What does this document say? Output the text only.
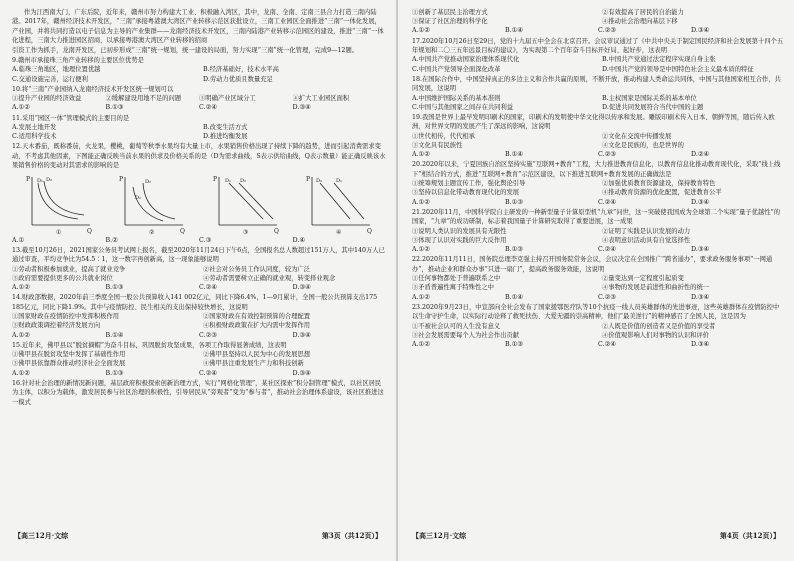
作为江西南大门，广东后院，近年来，赣州市努力构建大工业、积极融入湾区，其中，龙南、全南、定南三县合力打造三南内陆港。2017年，赣州经济技术开发区，“三南”承接粤港澳大湾区产业转移示范区获批设立，三南工业园区全面推进“三南”一体化发展，

产业园，并将共同打造以电子信息为主导的产业集群——龙南经济技术开发区，三南内陆港产业转移示范园区的建设，推进“三南”一体化进程，三南大力推进园区招商，以承接粤港澳大湾区产业转移的招商

引资工作为抓手，龙南开发区，已初步形成“三南”统一规划，统一建设的局面，努力实现“三南”统一化管理，完成9—12题。

9.赣州市承接珠三角产业转移的主要区位优势是

A.临珠三角地区，地理位置优越	B.经济基础好，技术水平高
C.交通设施完善，运行便利	D.劳动力优质且数量充足

10.将“三南”产业园纳入龙南经济技术开发区统一规划可以

①提升产业园的经济效益	②缓解建设用地不足的问题	③明确产业区域分工	④扩大工业园区面积
A.①②	B.①③	C.②④	D.③④

11.采用“园区一体”管理模式的主要目的是

A.发展土地开发	B.改变生活方式
C.适用科学技术	D.推进均衡发展

12.天木番茄，既称番茄，火龙果，樱桃，葡萄等秋季水果均有大量上市，水果销售价格出现了持续下降的趋势，进而引起消费需求变动，不考虑其他因素，下图能正确反映当前水果的供求及价格关系的是（D为需求曲线，S表示供给曲线，Q表示数量）能正确反映该水果销售价格的变动对其需求的影响的是

P
Q
D₁ D₂
①
P
Q
D₂
D₁
②
P
Q
D₁ D₂
③
P
Q
D₁
D₂
④
A.①	B.②	C.③	D.④

13.截至10月26日，2021国家公务员考试网上报名，截至2020年11月24日下午6点，全国报名总人数超过151万人，其中140万人已通过审查，平均竞争比为54.5∶1，这一数字再创新高，这一现象能够说明

①劳动者积极参加就业，提高了就业竞争	②社会对公务员工作认同度，较为广泛
③政府需要提供更多的公共就业岗位	④劳动者需要树立正确的就业观，转变择业观念
A.①②	B.①③	C.②④	D.③④

14.财政部数据，2020年前三季度全国一般公共预算收入141 002亿元，同比下降6.4%，1—9月累计，全国一般公共预算支出175 185亿元，同比下降1.9%。其中与疫情防控、民生相关的支出保持较快增长，这说明

①国家财政在疫情防控中发挥积极作用	②国家财政在有效控制预算的合理配置
③财政政策调控着经济发展方向	④积极财政政策在扩大内需中发挥作用
A.①②	B.①④	C.②③	D.③④

15.近年来，佛甲县以“脱贫摘帽”为奋斗目标，巩固脱贫攻坚成果，各项工作取得显著成绩，这表明

①佛甲县在脱贫攻坚中发挥了基础性作用	②佛甲县坚持以人民为中心的发展思想
③佛甲县依靠群众推动经济社会全面发展	④佛甲县注重发展生产力和科技创新
A.①②	B.①③	C.②④	D.③④

16.针对社会治理的新情况新问题，基层政府积极探索创新治理方式，实行“网格化管理”，某社区探索“积分制管理”模式，以社区居民为主体，以积分为载体，激发居民参与社区治理的积极性，引导居民从“旁观者”变为“参与者”，推动社会治理体系建设，该社区推进这一模式

【高三12月·文综	第3页（共12页）】
①创新了基层民主治理方式	②有效提高了居民的自治能力
③保证了社区治理的科学化	④推动社会治理向基层下移
A.①②	B.①④	C.②③	D.③④

17.2020年10月26日至29日，党的十九届五中全会在北京召开。会议审议通过了《中共中央关于制定国民经济和社会发展第十四个五年规划和二〇三五年远景目标的建议》，为实现第二个百年奋斗目标开好局、起好步，这表明

A.中国共产党推动国家治理体系现代化	B.中国共产党通过法定程序实现自身主张
C.中国共产党领导全面深化改革	D.中国共产党的领导是中国特色社会主义最本质的特征

18.在国际合作中，中国坚持真正的多边主义和合作共赢的原则，不断开放，推动构建人类命运共同体，中国与其他国家相互合作，共同发展，这说明

A.中国维护国际关系的基本准则	B.主权国家是国际关系的基本单位
C.中国与其他国家之间存在共同利益	D.促进共同发展符合当代中国的主题

19.我国是世界上最早发明印刷术的国家，印刷术的发明使中华文化得以传承和发展。雕版印刷术传入日本、朝鲜等国，随后传入欧洲，对世界文明的发展产生了深远的影响，这说明

①世代相传，代代相承	②文化在交流中传播发展
③文化具有民族性	④文化是民族的，也是世界的
A.①②	B.①④	C.②③	D.②④

20.2020年以来，宁夏回族自治区坚持实施“互联网+教育”工程，大力推进教育信息化，以教育信息化推动教育现代化，采取“线上线下”相结合的方式，推进“互联网+教育”示范区建设，以下推进互联网+教育发展的正确做法是

①统筹规划主题宣传工作，强化舆论引导	②加强优质教育资源建设，保持教育特色
③坚持以信息化带动教育现代化的发展	④推动教育资源的优化配置，促进教育公平
A.①②	B.①③	C.②④	D.③④

21.2020年11月，中国科学院自主研发的一种新型量子计算原型机“九章”问世，这一突破使我国成为全球第二个实现“量子优越性”的国家，“九章”的成功研制，标志着我国量子计算研究取得了重要进展，这一成果

①说明人类认识的发展具有无限性	②证明了实践是认识发展的动力
③体现了认识对实践的巨大反作用	④表明意识活动具有自觉选择性
A.①②	B.①③	C.②④	D.③④

22.2020年11月11日，国务院总理李克强主持召开国务院常务会议，会议决定在全国推广“跨省通办”，要求政务服务事项“一网通办”，推动企业和群众办事“只进一扇门”，提高政务服务效能，这说明

①任何事物都处于普遍联系之中	②量变达到一定程度引起质变
③矛盾普遍性寓于特殊性之中	④事物的发展是前进性和曲折性的统一
A.①②	B.①④	C.②③	D.③④

23.2020年9月23日，中宣部向全社会发布了国家援鄂医疗队等10个抗疫一线人员英雄群体的先进事迹，这些英雄群体在疫情防控中以生命守护生命，以实际行动诠释了救死扶伤、大爱无疆的崇高精神，他们“最美逆行”的精神感召了全国人民，这是因为

①不被社会认可的人生没有意义	②人既是价值的创造者又是价值的享受者
③社会发展需要每个人为社会作出贡献	④价值观影响人们对事物的认识和评价
A.①②	B.①③	C.②④	D.③④
【高三12月·文综	第4页（共12页）】
